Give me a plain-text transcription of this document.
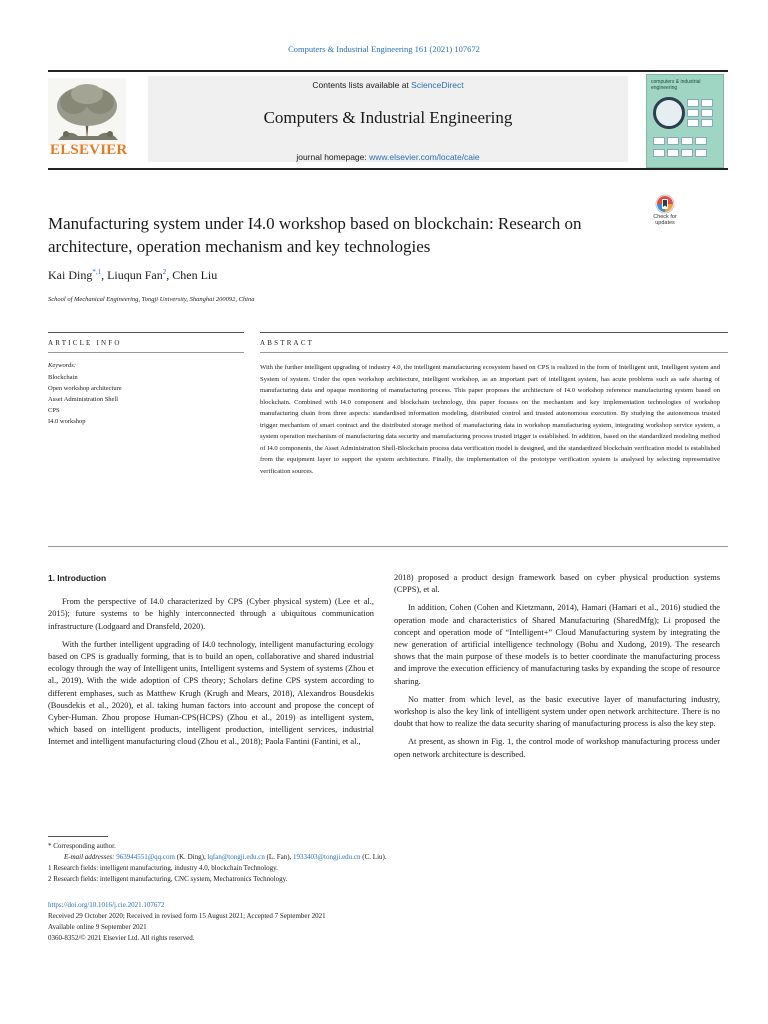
Computers & Industrial Engineering 161 (2021) 107672
ELSEVIER
Contents lists available at ScienceDirect
Computers & Industrial Engineering
journal homepage: www.elsevier.com/locate/caie
computers & industrial engineering
Manufacturing system under I4.0 workshop based on blockchain: Research on architecture, operation mechanism and key technologies
Check for updates
Kai Ding$^{*,1}$, Liuqun Fan$^2$, Chen Liu
School of Mechanical Engineering, Tongji University, Shanghai 200092, China
ARTICLE INFO	ABSTRACT
Keywords:
Blockchain
Open workshop architecture
Asset Administration Shell
CPS
I4.0 workshop

With the further intelligent upgrading of industry 4.0, the intelligent manufacturing ecosystem based on CPS is realized in the form of Intelligent unit, Intelligent system and System of system. Under the open workshop architecture, intelligent workshop, as an important part of intelligent system, has acute problems such as safe sharing of manufacturing data and opaque monitoring of manufacturing process. This paper proposes the architecture of I4.0 workshop reference manufacturing system based on blockchain. Combined with I4.0 component and blockchain technology, this paper focuses on the mechanism and key implementation technologies of workshop manufacturing chain from three aspects: standardised information modeling, distributed control and trusted autonomous execution. By studying the autonomous trusted trigger mechanism of smart contract and the distributed storage method of manufacturing data in workshop manufacturing system, integrating workshop service system, a system operation mechanism of manufacturing data security and manufacturing process trusted trigger is established. In addition, based on the standardized modeling method of I4.0 components, the Asset Administration Shell-Blockchain process data verification model is designed, and the standardized blockchain verification model is established from the equipment layer to support the system architecture. Finally, the implementation of the prototype verification system is analysed by selecting representative verification sources.

1. Introduction

From the perspective of I4.0 characterized by CPS (Cyber physical system) (Lee et al., 2015); future systems to be highly interconnected through a ubiquitous communication infrastructure (Lodgaard and Dransfeld, 2020).

With the further intelligent upgrading of I4.0 technology, intelligent manufacturing ecology based on CPS is gradually forming, that is to build an open, collaborative and shared industrial ecology through the way of Intelligent units, Intelligent systems and System of systems (Zhou et al., 2019). With the wide adoption of CPS theory; Scholars define CPS system according to different emphases, such as Matthew Krugh (Krugh and Mears, 2018), Alexandros Bousdekis (Bousdekis et al., 2020), et al. taking human factors into account and propose the concept of Cyber-Human. Zhou propose Human-CPS(HCPS) (Zhou et al., 2019) as intelligent system, which based on intelligent products, intelligent production, intelligent services, industrial Internet and intelligent manufacturing cloud (Zhou et al., 2018); Paola Fantini (Fantini, et al.,

2018) proposed a product design framework based on cyber physical production systems (CPPS), et al.

In addition, Cohen (Cohen and Kietzmann, 2014), Hamari (Hamari et al., 2016) studied the operation mode and characteristics of Shared Manufacturing (SharedMfg); Li proposed the concept and operation mode of “Intelligent+” Cloud Manufacturing system by integrating the new generation of artificial intelligence technology (Bohu and Xudong, 2019). The research shows that the main purpose of these models is to better coordinate the manufacturing process and improve the execution efficiency of manufacturing tasks by expanding the scope of resource sharing.

No matter from which level, as the basic executive layer of manufacturing industry, workshop is also the key link of intelligent system under open network architecture. There is no doubt that how to realize the data security sharing of manufacturing process is also the key step.

At present, as shown in Fig. 1, the control mode of workshop manufacturing process under open network architecture is described.

* Corresponding author.
E-mail addresses: 963944551@qq.com (K. Ding), lqfan@tongji.edu.cn (L. Fan), 1933403@tongji.edu.cn (C. Liu).
1 Research fields: intelligent manufacturing, industry 4.0, blockchain Technology.
2 Research fields: intelligent manufacturing, CNC system, Mechatronics Technology.
https://doi.org/10.1016/j.cie.2021.107672
Received 29 October 2020; Received in revised form 15 August 2021; Accepted 7 September 2021
Available online 9 September 2021
0360-8352/© 2021 Elsevier Ltd. All rights reserved.
